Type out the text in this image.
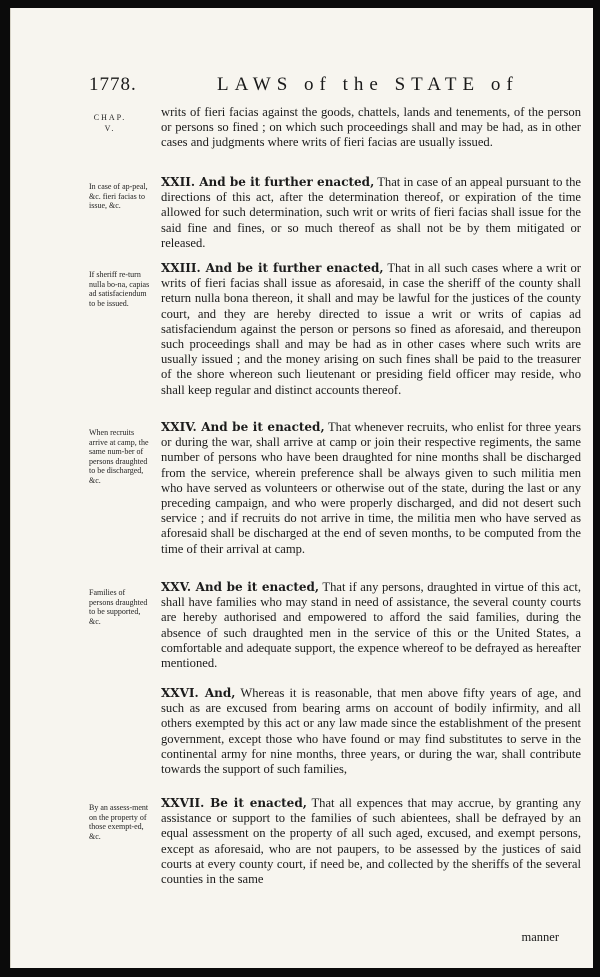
1778.	LAWS of the STATE of
CHAP.
V.
In case of ap-peal, &c. fieri facias to issue, &c.
If sheriff re-turn nulla bo-na, capias ad satisfaciendum to be issued.
When recruits arrive at camp, the same num-ber of persons draughted to be discharged, &c.
Families of persons draughted to be supported, &c.
By an assess-ment on the property of those exempt-ed, &c.

writs of fieri facias against the goods, chattels, lands and tenements, of the person or persons so fined ; on which such proceedings shall and may be had, as in other cases and judgments where writs of fieri facias are usually issued.

XXII. And be it further enacted, That in case of an appeal pursuant to the directions of this act, after the determination thereof, or expiration of the time allowed for such determination, such writ or writs of fieri facias shall issue for the said fine and fines, or so much thereof as shall not be by them mitigated or released.

XXIII. And be it further enacted, That in all such cases where a writ or writs of fieri facias shall issue as aforesaid, in case the sheriff of the county shall return nulla bona thereon, it shall and may be lawful for the justices of the county court, and they are hereby directed to issue a writ or writs of capias ad satisfaciendum against the person or persons so fined as aforesaid, and thereupon such proceedings shall and may be had as in other cases where such writs are usually issued ; and the money arising on such fines shall be paid to the treasurer of the shore whereon such lieutenant or presiding field officer may reside, who shall keep regular and distinct accounts thereof.

XXIV. And be it enacted, That whenever recruits, who enlist for three years or during the war, shall arrive at camp or join their respective regiments, the same number of persons who have been draughted for nine months shall be discharged from the service, wherein preference shall be always given to such militia men who have served as volunteers or otherwise out of the state, during the last or any preceding campaign, and who were properly discharged, and did not desert such service ; and if recruits do not arrive in time, the militia men who have served as aforesaid shall be discharged at the end of seven months, to be computed from the time of their arrival at camp.

XXV. And be it enacted, That if any persons, draughted in virtue of this act, shall have families who may stand in need of assistance, the several county courts are hereby authorised and empowered to afford the said families, during the absence of such draughted men in the service of this or the United States, a comfortable and adequate support, the expence whereof to be defrayed as hereafter mentioned.

XXVI. And, Whereas it is reasonable, that men above fifty years of age, and such as are excused from bearing arms on account of bodily infirmity, and all others exempted by this act or any law made since the establishment of the present government, except those who have found or may find substitutes to serve in the continental army for nine months, three years, or during the war, shall contribute towards the support of such families,

XXVII. Be it enacted, That all expences that may accrue, by granting any assistance or support to the families of such abientees, shall be defrayed by an equal assessment on the property of all such aged, excused, and exempt persons, except as aforesaid, who are not paupers, to be assessed by the justices of said courts at every county court, if need be, and collected by the sheriffs of the several counties in the same

manner
